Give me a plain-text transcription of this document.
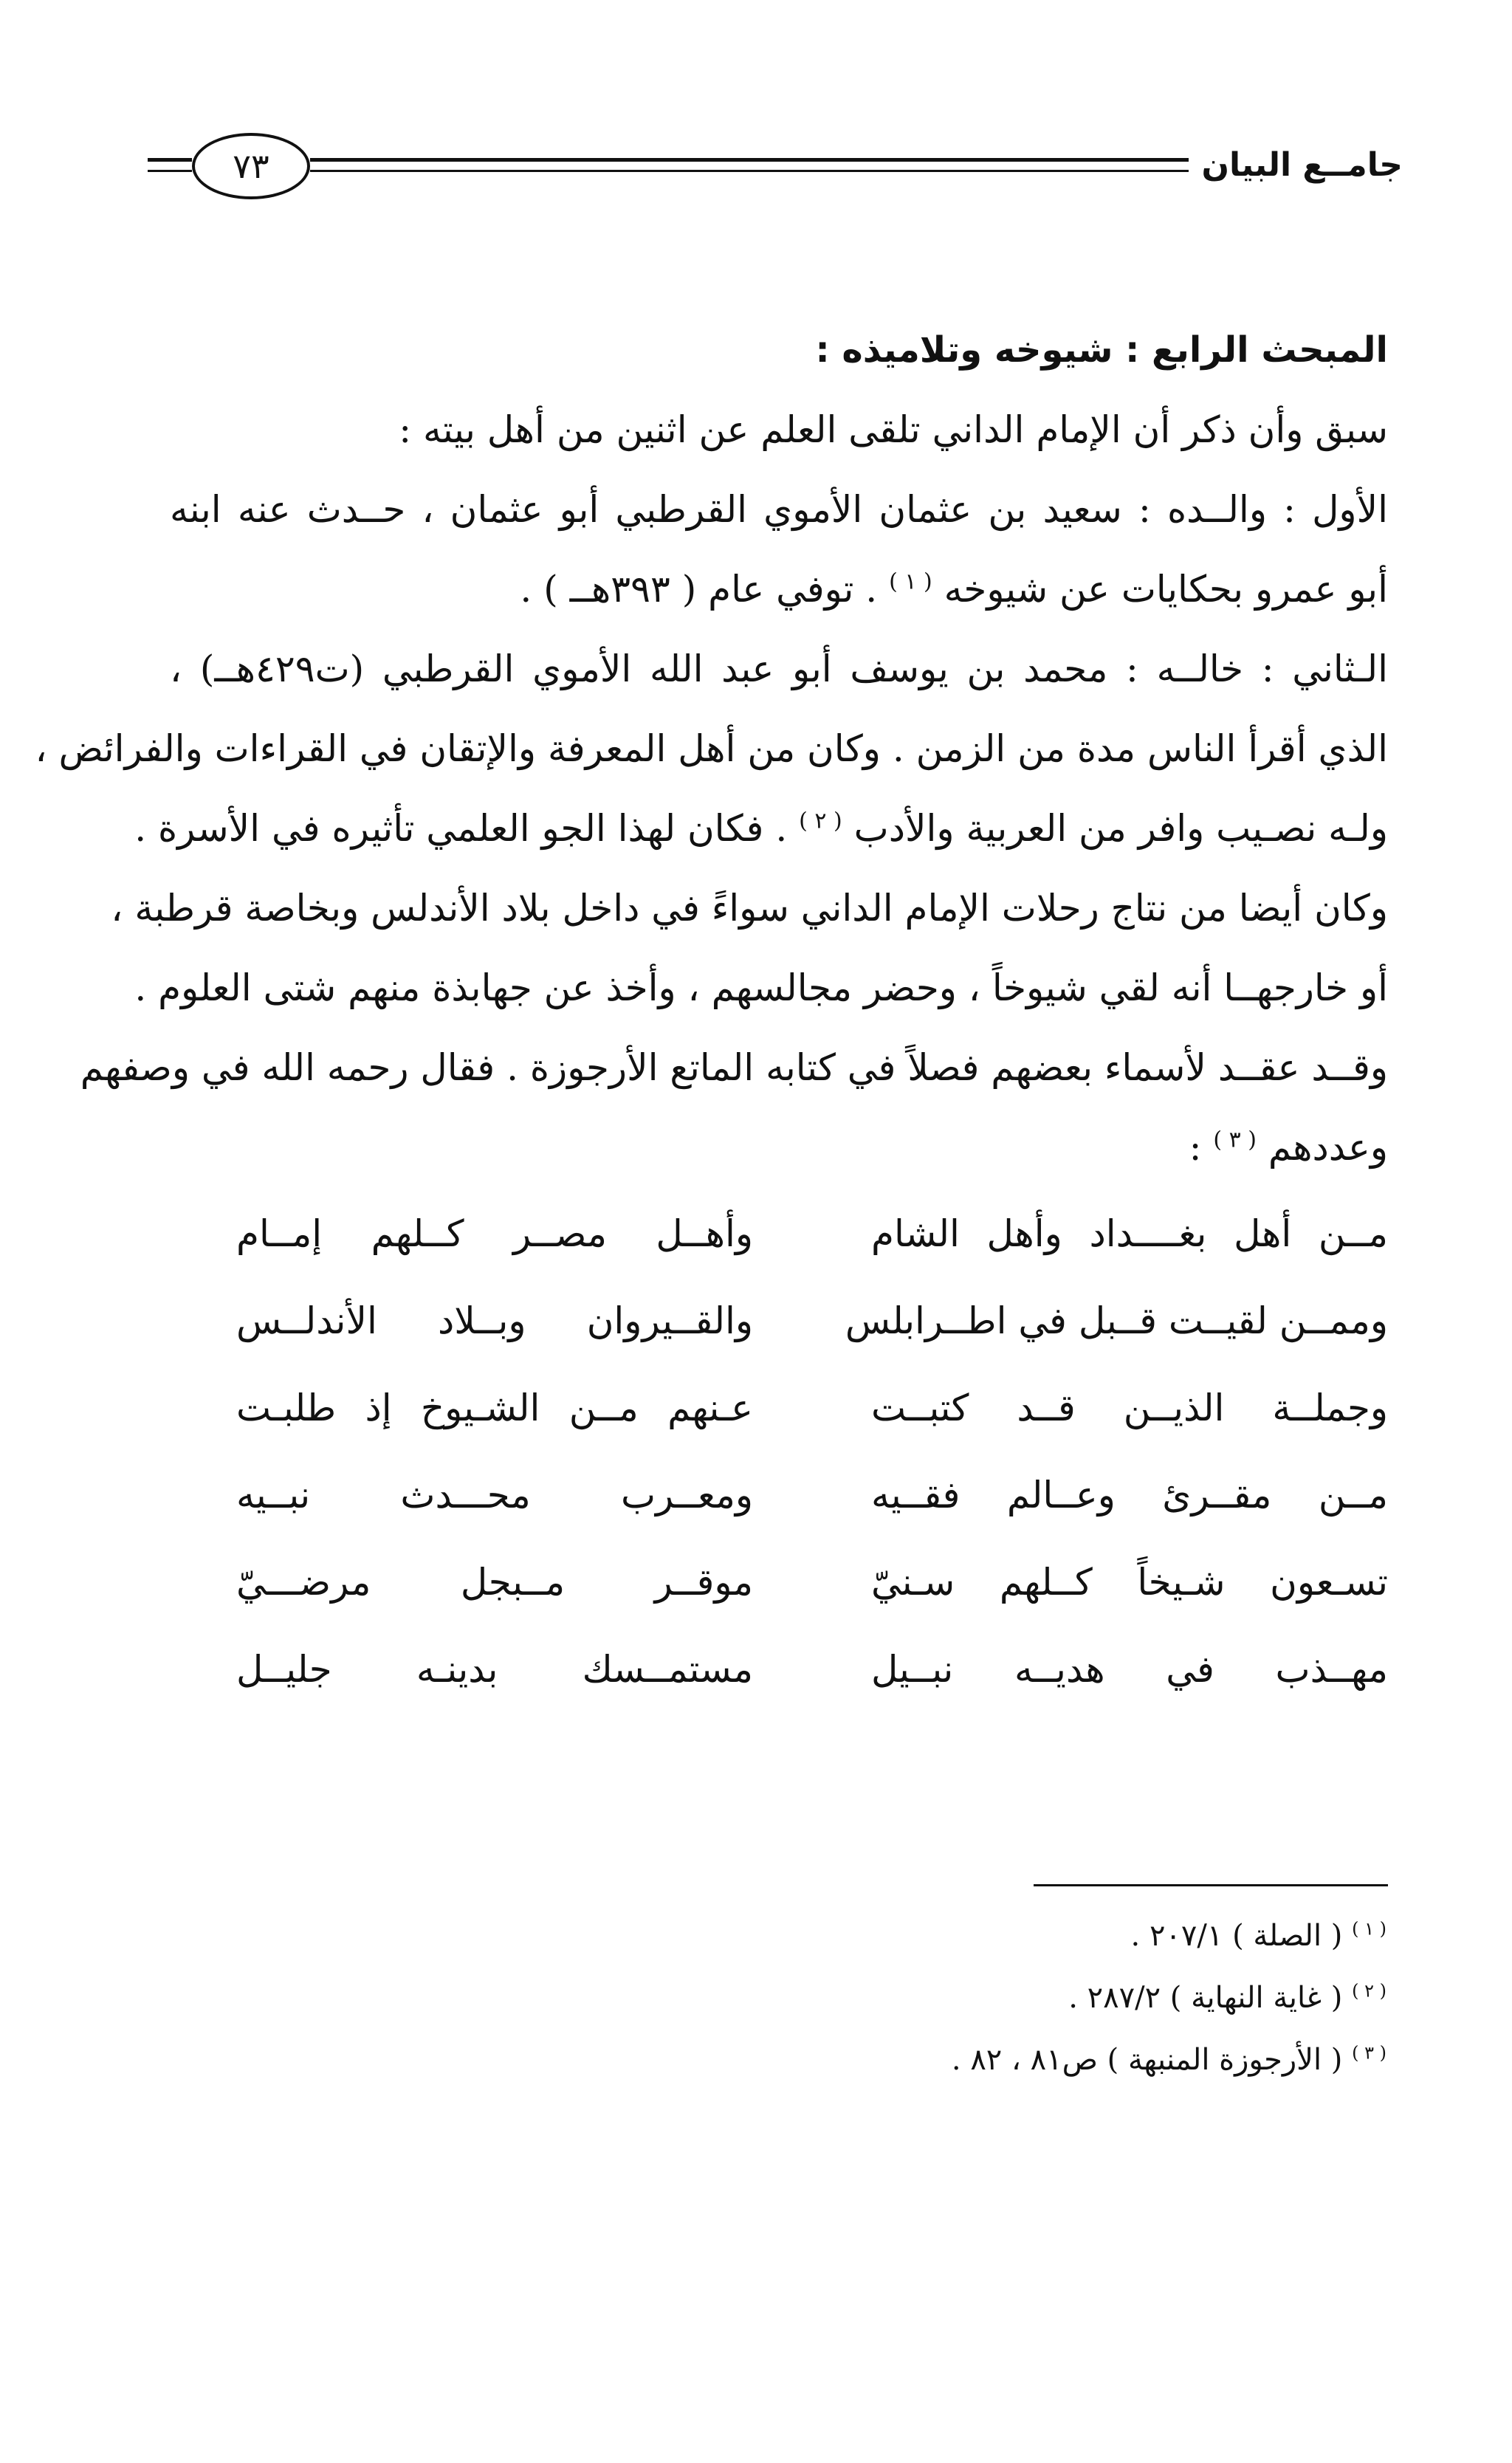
٧٣	جامــع البيان
المبحث الرابع : شيوخه وتلاميذه :
سبق وأن ذكر أن الإمام الداني تلقى العلم عن اثنين من أهل بيته :
الأول : والــده : سعيد بن عثمان الأموي القرطبي أبو عثمان ، حــدث عنه ابنه
أبو عمرو بحكايات عن شيوخه $^{( ١ )}$ . توفي عام ( ٣٩٣هــ ) .
الـثاني : خالــه : محمد بن يوسف أبو عبد الله الأموي القرطبي (ت٤٢٩هــ) ،
الذي أقرأ الناس مدة من الزمن . وكان من أهل المعرفة والإتقان في القراءات والفرائض ،
ولـه نصـيب وافر من العربية والأدب $^{( ٢ )}$ . فكان لهذا الجو العلمي تأثيره في الأسرة .
وكان أيضا من نتاج رحلات الإمام الداني سواءً في داخل بلاد الأندلس وبخاصة قرطبة ،
أو خارجهــا أنه لقي شيوخاً ، وحضر مجالسهم ، وأخذ عن جهابذة منهم شتى العلوم .
وقــد عقــد لأسماء بعضهم فصلاً في كتابه الماتع الأرجوزة . فقال رحمه الله في وصفهم
وعددهم $^{( ٣ )}$ :
مــن أهل بغــــداد وأهل الشام
وأهــل مصــر كــلهم إمــام
وممــن لقيــت قــبل في اطــرابلس
والقــيروان وبــلاد الأندلــس
وجملــة الذيــن قــد كتبــت
عـنهم مــن الشـيوخ إذ طلبـت
مــن مقــرئ وعــالم فقــيه
ومعــرب محـــدث نبــيه
تسـعون شـيخاً كــلهم سـنيّ
موقــر مــبجل مرضـــيّ
مهــذب في هديــه نبــيل
مستمــسك بدينـه جليــل
$^{( ١ )}$ ( الصلة ) ٢٠٧/١ .
$^{( ٢ )}$ ( غاية النهاية ) ٢٨٧/٢ .
$^{( ٣ )}$ ( الأرجوزة المنبهة ) ص٨١ ، ٨٢ .
